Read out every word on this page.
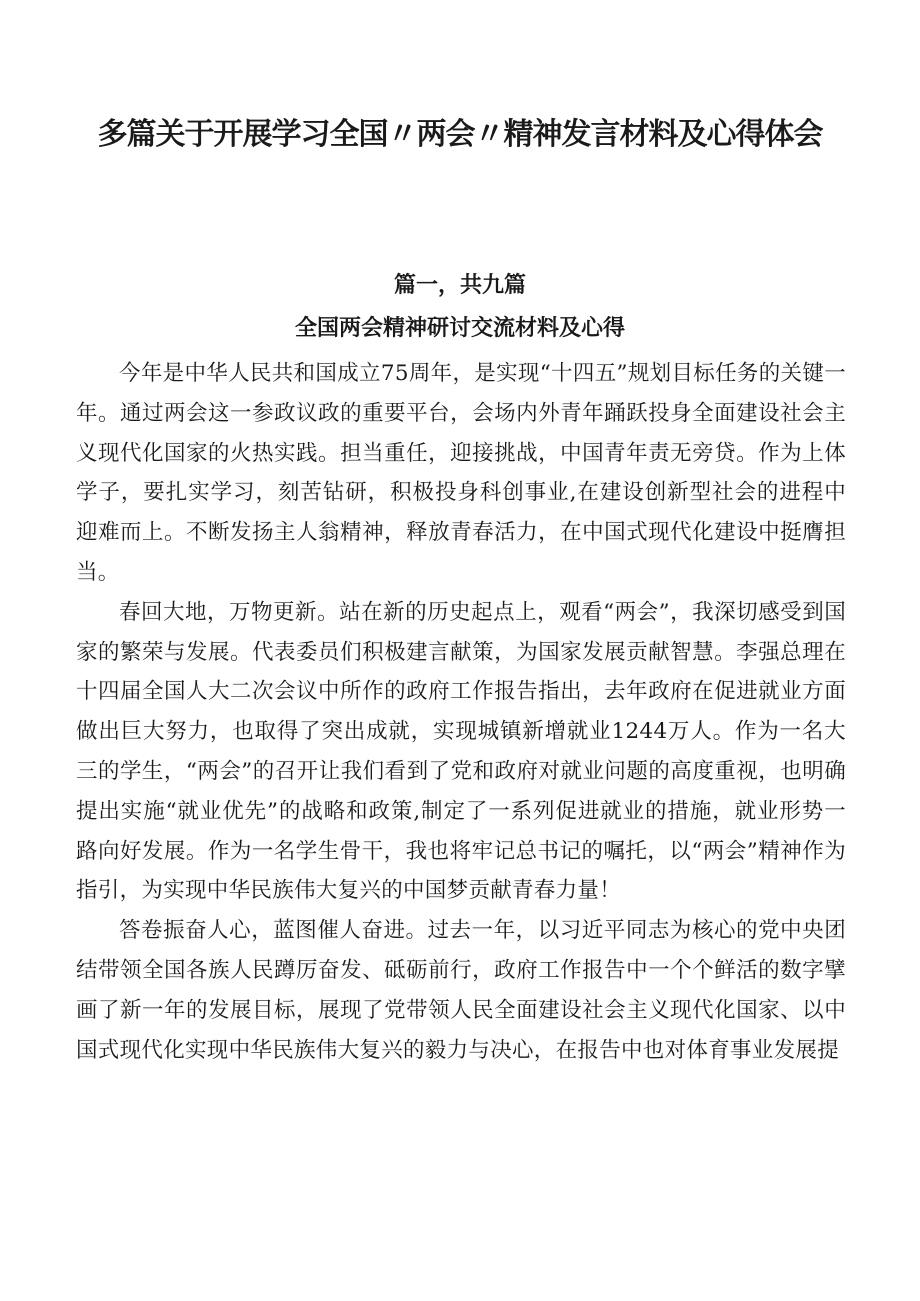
多篇关于开展学习全国〃两会〃精神发言材料及心得体会
篇一，共九篇
全国两会精神研讨交流材料及心得

今年是中华人民共和国成立75周年，是实现“十四五”规划目标任务的关键一年。通过两会这一参政议政的重要平台，会场内外青年踊跃投身全面建设社会主义现代化国家的火热实践。担当重任，迎接挑战，中国青年责无旁贷。作为上体学子，要扎实学习，刻苦钻研，积极投身科创事业,在建设创新型社会的进程中迎难而上。不断发扬主人翁精神，释放青春活力，在中国式现代化建设中挺膺担当。

春回大地，万物更新。站在新的历史起点上，观看“两会”，我深切感受到国家的繁荣与发展。代表委员们积极建言献策，为国家发展贡献智慧。李强总理在十四届全国人大二次会议中所作的政府工作报告指出，去年政府在促进就业方面做出巨大努力，也取得了突出成就，实现城镇新增就业1244万人。作为一名大三的学生，“两会”的召开让我们看到了党和政府对就业问题的高度重视，也明确提出实施“就业优先”的战略和政策,制定了一系列促进就业的措施，就业形势一路向好发展。作为一名学生骨干，我也将牢记总书记的嘱托，以“两会”精神作为指引，为实现中华民族伟大复兴的中国梦贡献青春力量！

答卷振奋人心，蓝图催人奋进。过去一年，以习近平同志为核心的党中央团结带领全国各族人民蹲厉奋发、砥砺前行，政府工作报告中一个个鲜活的数字擘画了新一年的发展目标，展现了党带领人民全面建设社会主义现代化国家、以中国式现代化实现中华民族伟大复兴的毅力与决心，在报告中也对体育事业发展提
